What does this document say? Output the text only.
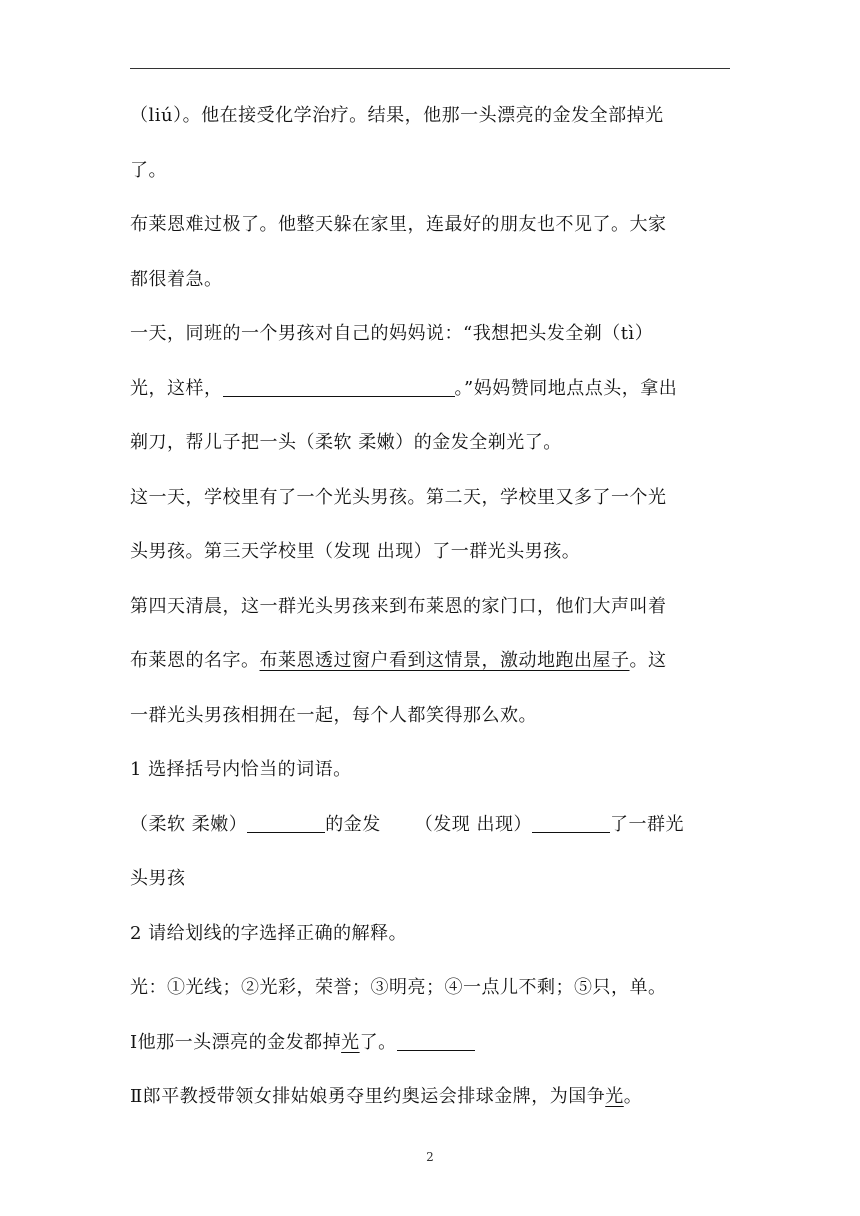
（liú）。他在接受化学治疗。结果，他那一头漂亮的金发全部掉光
了。
布莱恩难过极了。他整天躲在家里，连最好的朋友也不见了。大家
都很着急。
一天，同班的一个男孩对自己的妈妈说：“我想把头发全剃（tì）
光，这样，	。”妈妈赞同地点点头，拿出
剃刀，帮儿子把一头（柔软 柔嫩）的金发全剃光了。
这一天，学校里有了一个光头男孩。第二天，学校里又多了一个光
头男孩。第三天学校里（发现 出现）了一群光头男孩。
第四天清晨，这一群光头男孩来到布莱恩的家门口，他们大声叫着
布莱恩的名字。布莱恩透过窗户看到这情景，激动地跑出屋子。这
一群光头男孩相拥在一起，每个人都笑得那么欢。
1 选择括号内恰当的词语。
（柔软 柔嫩）	的金发 （发现 出现）	了一群光
头男孩
2 请给划线的字选择正确的解释。
光：①光线；②光彩，荣誉；③明亮；④一点儿不剩；⑤只，单。
Ⅰ他那一头漂亮的金发都掉光了。
Ⅱ郎平教授带领女排姑娘勇夺里约奥运会排球金牌，为国争光。
2
